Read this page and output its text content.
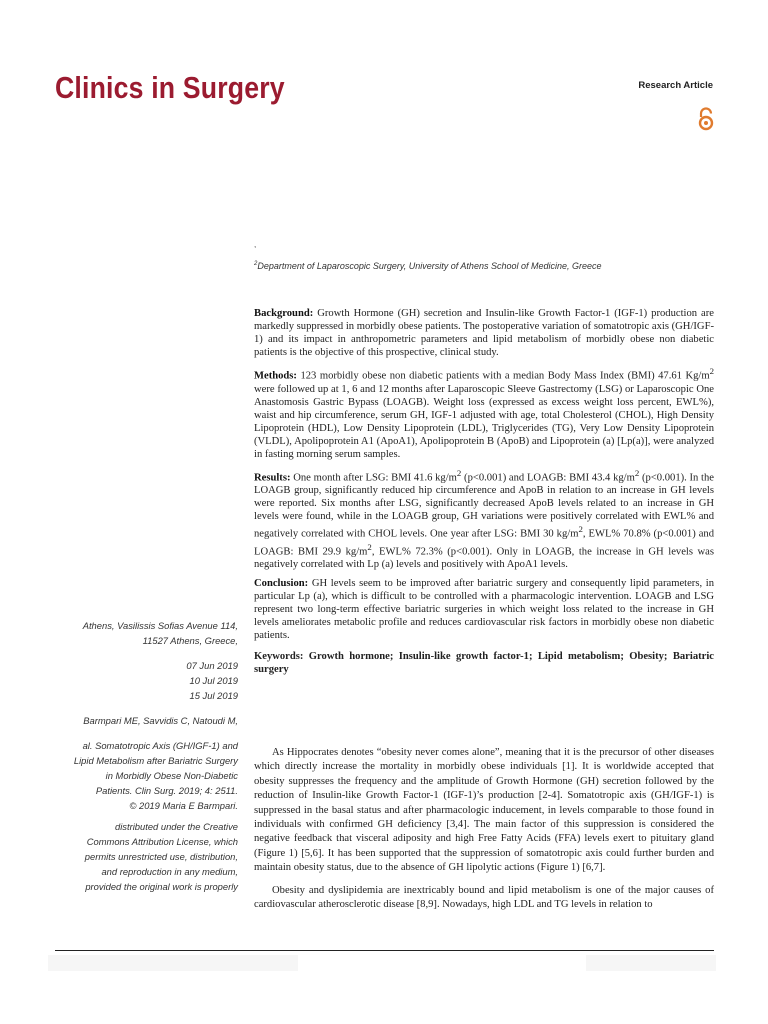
Clinics in Surgery	Research Article
,
$^2$Department of Laparoscopic Surgery, University of Athens School of Medicine, Greece

Background: Growth Hormone (GH) secretion and Insulin-like Growth Factor-1 (IGF-1) production are markedly suppressed in morbidly obese patients. The postoperative variation of somatotropic axis (GH/IGF-1) and its impact in anthropometric parameters and lipid metabolism of morbidly obese non diabetic patients is the objective of this prospective, clinical study.

Methods: 123 morbidly obese non diabetic patients with a median Body Mass Index (BMI) 47.61 $Kg/m^2$ were followed up at 1, 6 and 12 months after Laparoscopic Sleeve Gastrectomy (LSG) or Laparoscopic One Anastomosis Gastric Bypass (LOAGB). Weight loss (expressed as excess weight loss percent, EWL%), waist and hip circumference, serum GH, IGF-1 adjusted with age, total Cholesterol (CHOL), High Density Lipoprotein (HDL), Low Density Lipoprotein (LDL), Triglycerides (TG), Very Low Density Lipoprotein (VLDL), Apolipoprotein A1 (ApoA1), Apolipoprotein B (ApoB) and Lipoprotein (a) [Lp(a)], were analyzed in fasting morning serum samples.

Results: One month after LSG: BMI 41.6 $kg/m^2$ (p<0.001) and LOAGB: BMI 43.4 $kg/m^2$ (p<0.001). In the LOAGB group, significantly reduced hip circumference and ApoB in relation to an increase in GH levels were reported. Six months after LSG, significantly decreased ApoB levels related to an increase in GH levels were found, while in the LOAGB group, GH variations were positively correlated with EWL% and negatively correlated with CHOL levels. One year after LSG: BMI 30 $kg/m^2$, EWL% 70.8% (p<0.001) and LOAGB: BMI 29.9 $kg/m^2$, EWL% 72.3% (p<0.001). Only in LOAGB, the increase in GH levels was negatively correlated with Lp (a) levels and positively with ApoA1 levels.

Conclusion: GH levels seem to be improved after bariatric surgery and consequently lipid parameters, in particular Lp (a), which is difficult to be controlled with a pharmacologic intervention. LOAGB and LSG represent two long-term effective bariatric surgeries in which weight loss related to the increase in GH levels ameliorates metabolic profile and reduces cardiovascular risk factors in morbidly obese non diabetic patients.

Keywords: Growth hormone; Insulin-like growth factor-1; Lipid metabolism; Obesity; Bariatric surgery

Athens, Vasilissis Sofias Avenue 114,
11527 Athens, Greece,
07 Jun 2019
10 Jul 2019
15 Jul 2019
Barmpari ME, Savvidis C, Natoudi M,
al. Somatotropic Axis (GH/IGF-1) and
Lipid Metabolism after Bariatric Surgery
in Morbidly Obese Non-Diabetic
Patients. Clin Surg. 2019; 4: 2511.
© 2019 Maria E Barmpari.
distributed under the Creative
Commons Attribution License, which
permits unrestricted use, distribution,
and reproduction in any medium,
provided the original work is properly

As Hippocrates denotes “obesity never comes alone”, meaning that it is the precursor of other diseases which directly increase the mortality in morbidly obese individuals [1]. It is worldwide accepted that obesity suppresses the frequency and the amplitude of Growth Hormone (GH) secretion followed by the reduction of Insulin-like Growth Factor-1 (IGF-1)’s production [2-4]. Somatotropic axis (GH/IGF-1) is suppressed in the basal status and after pharmacologic inducement, in levels comparable to those found in individuals with confirmed GH deficiency [3,4]. The main factor of this suppression is considered the negative feedback that visceral adiposity and high Free Fatty Acids (FFA) levels exert to pituitary gland (Figure 1) [5,6]. It has been supported that the suppression of somatotropic axis could further burden and maintain obesity status, due to the absence of GH lipolytic actions (Figure 1) [6,7].

Obesity and dyslipidemia are inextricably bound and lipid metabolism is one of the major causes of cardiovascular atherosclerotic disease [8,9]. Nowadays, high LDL and TG levels in relation to
